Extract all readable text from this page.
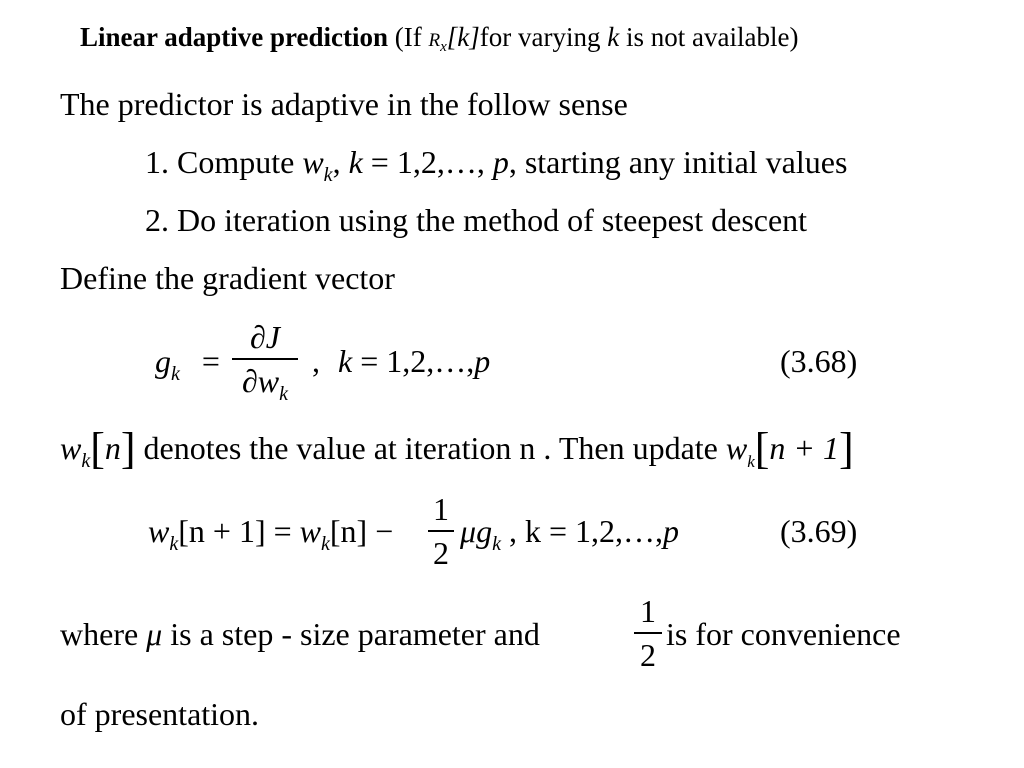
Linear adaptive prediction (If Rx[k]for varying k is not available)
The predictor is adaptive in the follow sense
1. Compute $w_k$, k = 1,2,…, p, starting any initial values
2. Do iteration using the method of steepest descent
Define the gradient vector
$g_k$ =
∂J
$\partial w_k$
, k = 1,2,…,p	(3.68)
$w_k[n]$ denotes the value at iteration n . Then update $w_k[n + 1]$
$w_k[n + 1] = w_k[n]$ −
1
2
$\mu g_k$ , k = 1,2,…,p	(3.69)
where μ is a step - size parameter and
1
2
is for convenience
of presentation.
